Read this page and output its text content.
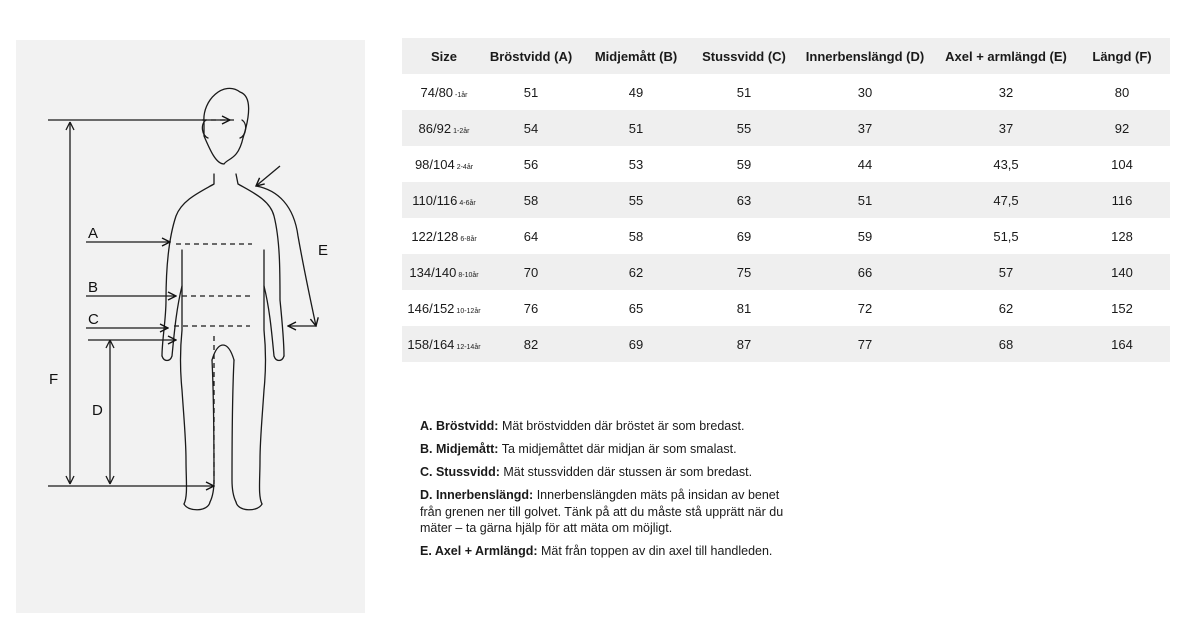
A
B
C
D
E
F
Size	Bröstvidd (A)	Midjemått (B)	Stussvidd (C)	Innerbenslängd (D)	Axel + armlängd (E)	Längd (F)
74/80 -1år	51	49	51	30	32	80
86/92 1-2år	54	51	55	37	37	92
98/104 2-4år	56	53	59	44	43,5	104
110/116 4-6år	58	55	63	51	47,5	116
122/128 6-8år	64	58	69	59	51,5	128
134/140 8-10år	70	62	75	66	57	140
146/152 10-12år	76	65	81	72	62	152
158/164 12-14år	82	69	87	77	68	164

A. Bröstvidd: Mät bröstvidden där bröstet är som bredast.

B. Midjemått: Ta midjemåttet där midjan är som smalast.

C. Stussvidd: Mät stussvidden där stussen är som bredast.

D. Innerbenslängd: Innerbenslängden mäts på insidan av benet från grenen ner till golvet. Tänk på att du måste stå upprätt när du mäter – ta gärna hjälp för att mäta om möjligt.

E. Axel + Armlängd: Mät från toppen av din axel till handleden.
